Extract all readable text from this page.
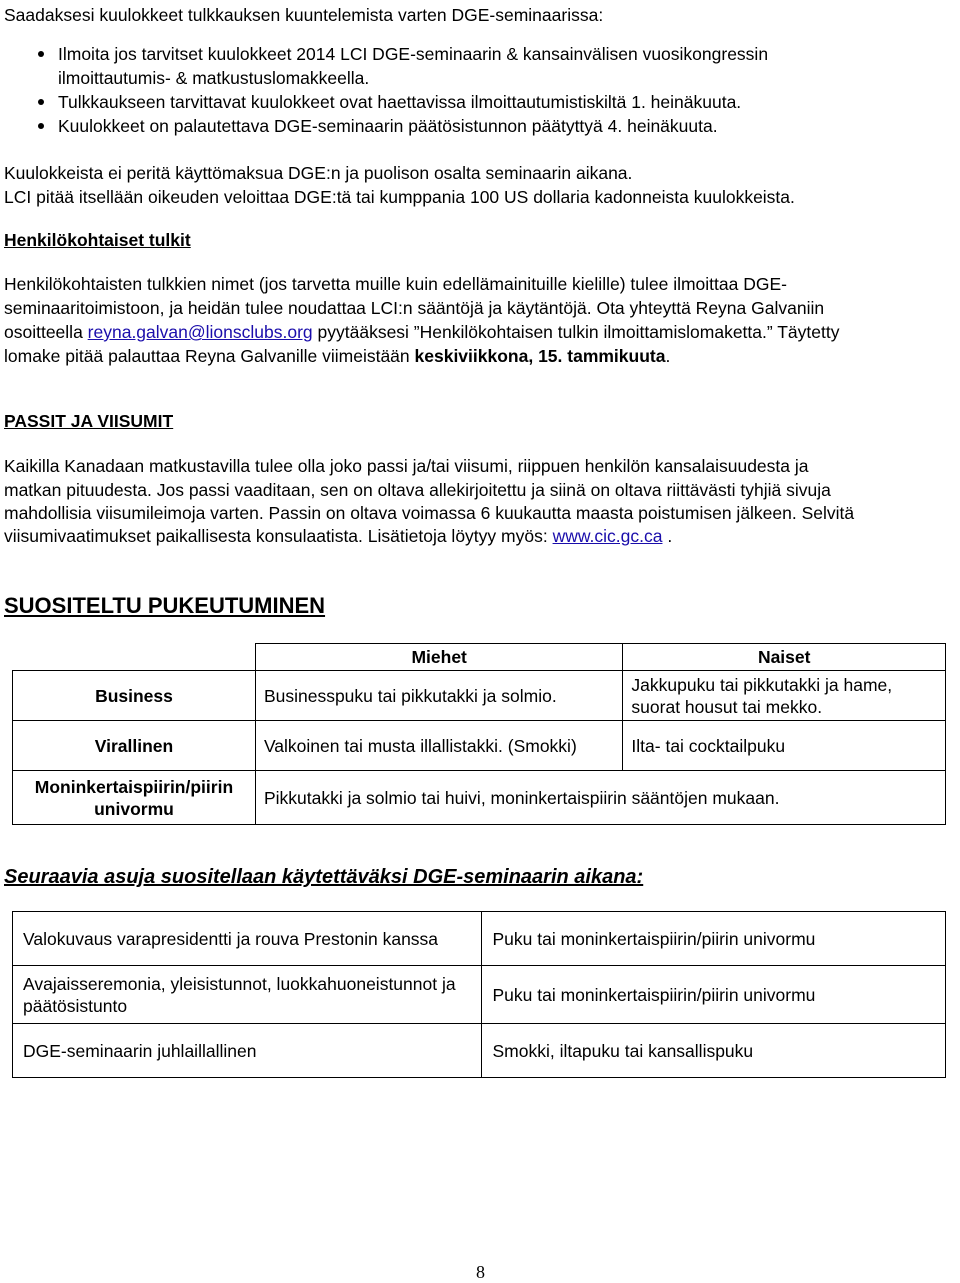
Saadaksesi kuulokkeet tulkkauksen kuuntelemista varten DGE-seminaarissa:
Ilmoita jos tarvitset kuulokkeet 2014 LCI DGE-seminaarin & kansainvälisen vuosikongressin
ilmoittautumis- & matkustuslomakkeella.
Tulkkaukseen tarvittavat kuulokkeet ovat haettavissa ilmoittautumistiskiltä 1. heinäkuuta.
Kuulokkeet on palautettava DGE-seminaarin päätösistunnon päätyttyä 4. heinäkuuta.
Kuulokkeista ei peritä käyttömaksua DGE:n ja puolison osalta seminaarin aikana.
LCI pitää itsellään oikeuden veloittaa DGE:tä tai kumppania 100 US dollaria kadonneista kuulokkeista.
Henkilökohtaiset tulkit
Henkilökohtaisten tulkkien nimet (jos tarvetta muille kuin edellämainituille kielille) tulee ilmoittaa DGE-
seminaaritoimistoon, ja heidän tulee noudattaa LCI:n sääntöjä ja käytäntöjä. Ota yhteyttä Reyna Galvaniin
osoitteella reyna.galvan@lionsclubs.org pyytääksesi ”Henkilökohtaisen tulkin ilmoittamislomaketta.” Täytetty
lomake pitää palauttaa Reyna Galvanille viimeistään keskiviikkona, 15. tammikuuta.
PASSIT JA VIISUMIT
Kaikilla Kanadaan matkustavilla tulee olla joko passi ja/tai viisumi, riippuen henkilön kansalaisuudesta ja
matkan pituudesta. Jos passi vaaditaan, sen on oltava allekirjoitettu ja siinä on oltava riittävästi tyhjiä sivuja
mahdollisia viisumileimoja varten. Passin on oltava voimassa 6 kuukautta maasta poistumisen jälkeen. Selvitä
viisumivaatimukset paikallisesta konsulaatista. Lisätietoja löytyy myös: www.cic.gc.ca .
SUOSITELTU PUKEUTUMINEN
	Miehet	Naiset
Business	Businesspuku tai pikkutakki ja solmio.	Jakkupuku tai pikkutakki ja hame, suorat housut tai mekko.
Virallinen	Valkoinen tai musta illallistakki. (Smokki)	Ilta- tai cocktailpuku
Moninkertaispiirin/piirin univormu	Pikkutakki ja solmio tai huivi, moninkertaispiirin sääntöjen mukaan.	
Seuraavia asuja suositellaan käytettäväksi DGE-seminaarin aikana:
Valokuvaus varapresidentti ja rouva Prestonin kanssa	Puku tai moninkertaispiirin/piirin univormu
Avajaisseremonia, yleisistunnot, luokkahuoneistunnot ja päätösistunto	Puku tai moninkertaispiirin/piirin univormu
DGE-seminaarin juhlaillallinen	Smokki, iltapuku tai kansallispuku
8
